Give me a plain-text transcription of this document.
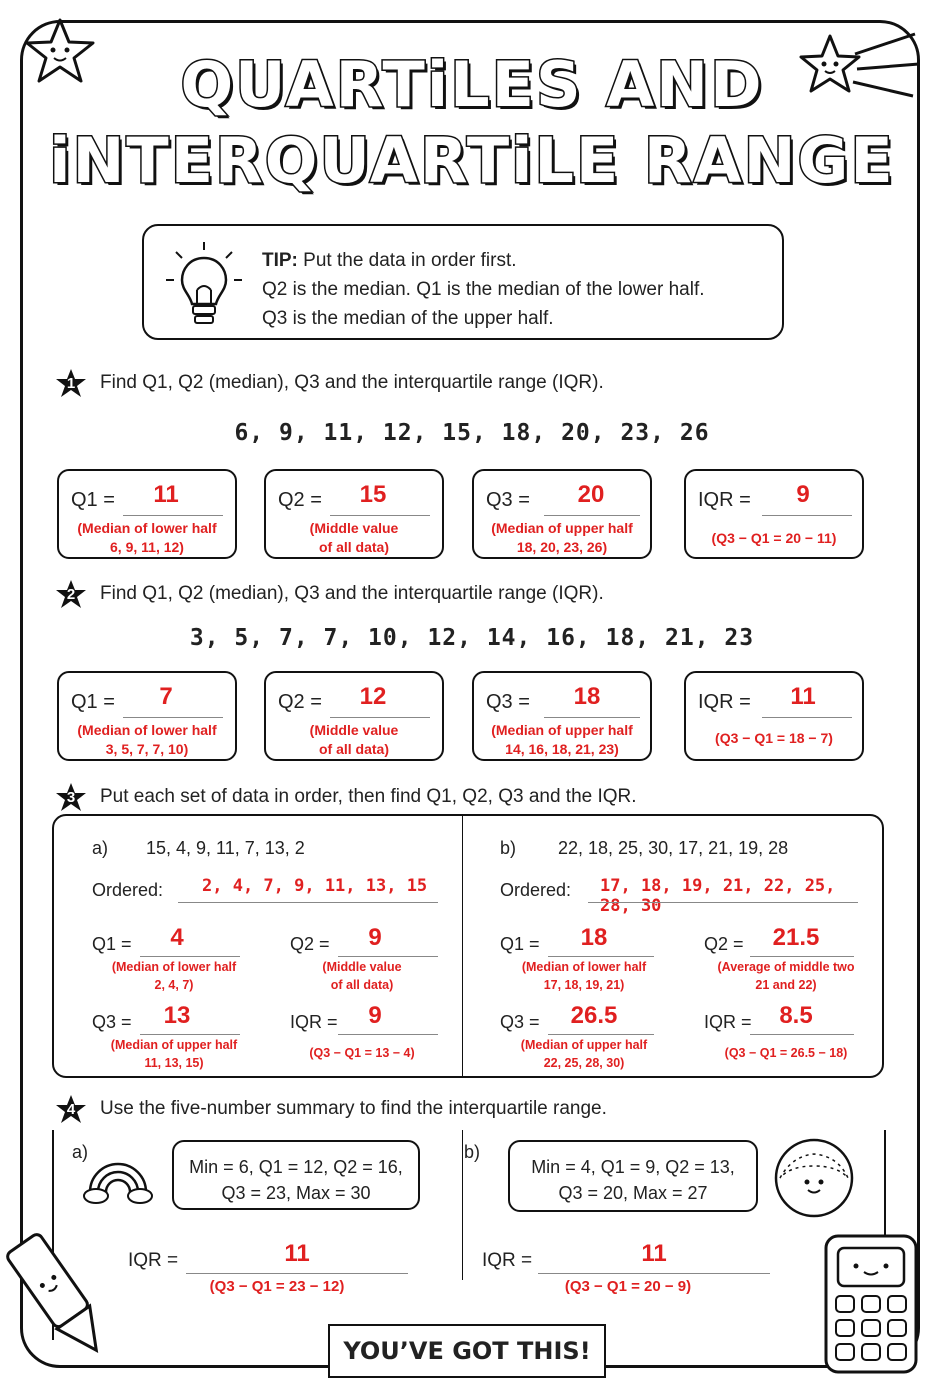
QUARTiLES AND
iNTERQUARTiLE RANGE
TIP: Put the data in order first.
Q2 is the median. Q1 is the median of the lower half.
Q3 is the median of the upper half.
1 Find Q1, Q2 (median), Q3 and the interquartile range (IQR).
6, 9, 11, 12, 15, 18, 20, 23, 26
Q1 =	11
(Median of lower half
6, 9, 11, 12)
Q2 =	15
(Middle value
of all data)
Q3 =	20
(Median of upper half
18, 20, 23, 26)
IQR =	9
(Q3 − Q1 = 20 − 11)
2 Find Q1, Q2 (median), Q3 and the interquartile range (IQR).
3, 5, 7, 7, 10, 12, 14, 16, 18, 21, 23
Q1 =	7
(Median of lower half
3, 5, 7, 7, 10)
Q2 =	12
(Middle value
of all data)
Q3 =	18
(Median of upper half
14, 16, 18, 21, 23)
IQR =	11
(Q3 − Q1 = 18 − 7)
3 Put each set of data in order, then find Q1, Q2, Q3 and the IQR.
a) 15, 4, 9, 11, 7, 13, 2
Ordered:	2, 4, 7, 9, 11, 13, 15
Q1 =	4
(Median of lower half
2, 4, 7)
Q2 =	9
(Middle value
of all data)
Q3 =	13
(Median of upper half
11, 13, 15)
IQR =	9
(Q3 − Q1 = 13 − 4)
b) 22, 18, 25, 30, 17, 21, 19, 28
Ordered:	17, 18, 19, 21, 22, 25, 28, 30
Q1 =	18
(Median of lower half
17, 18, 19, 21)
Q2 =	21.5
(Average of middle two
21 and 22)
Q3 =	26.5
(Median of upper half
22, 25, 28, 30)
IQR =	8.5
(Q3 − Q1 = 26.5 − 18)
4 Use the five-number summary to find the interquartile range.
a)
Min = 6, Q1 = 12, Q2 = 16,
Q3 = 23, Max = 30
IQR =	11
(Q3 − Q1 = 23 − 12)
b)
Min = 4, Q1 = 9, Q2 = 13,
Q3 = 20, Max = 27
IQR =	11
(Q3 − Q1 = 20 − 9)
YOU’VE GOT THIS!
